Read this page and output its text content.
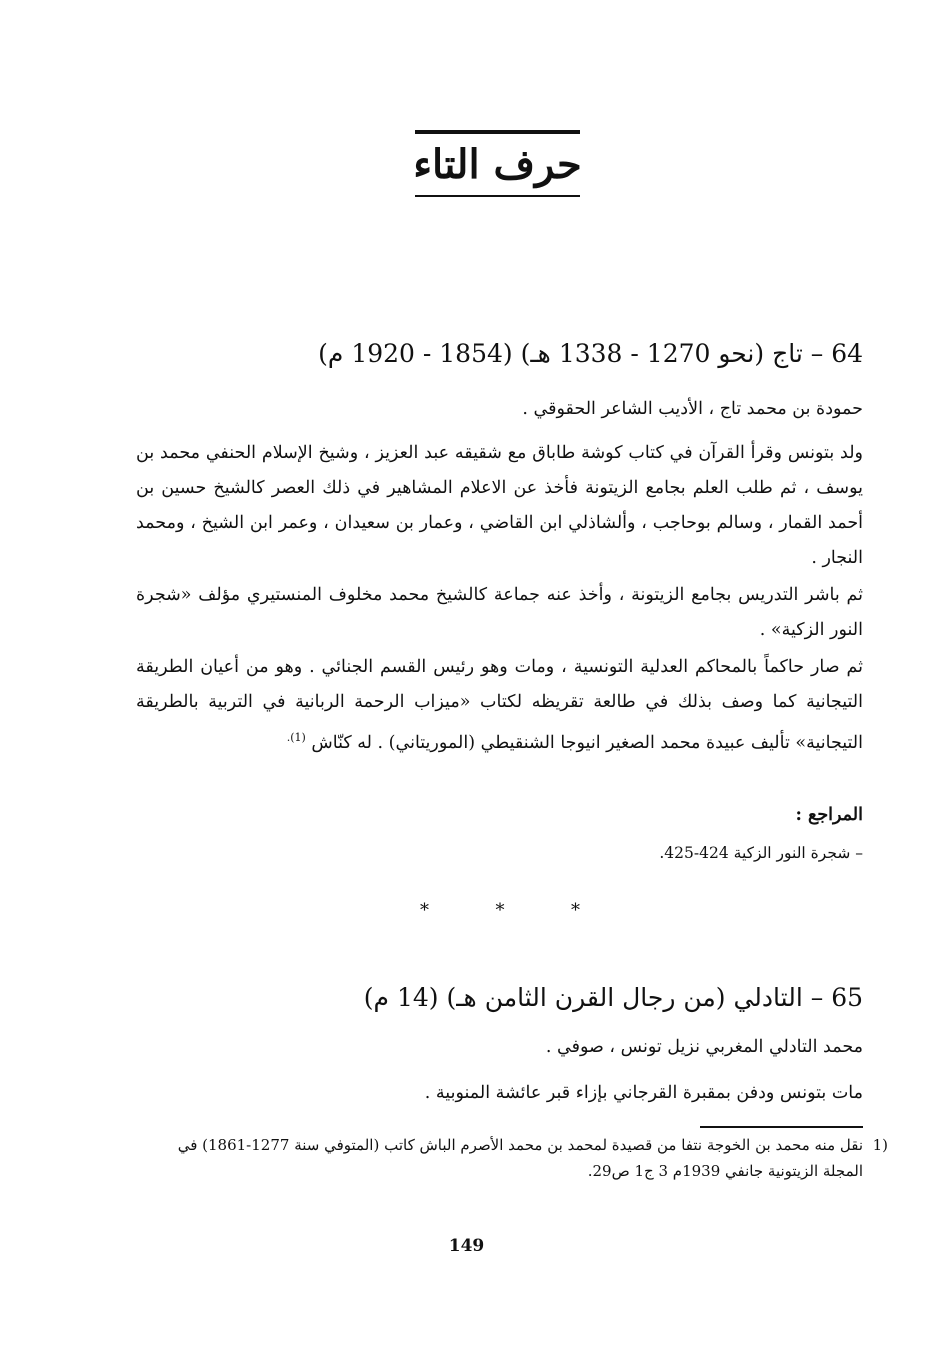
حرف التاء
64 – تاج (نحو 1270 - 1338 هـ) (1854 - 1920 م)
حمودة بن محمد تاج ، الأديب الشاعر الحقوقي .
ولد بتونس وقرأ القرآن في كتاب كوشة طاباق مع شقيقه عبد العزيز ، وشيخ الإسلام الحنفي محمد بن يوسف ، ثم طلب العلم بجامع الزيتونة فأخذ عن الاعلام المشاهير في ذلك العصر كالشيخ حسين بن أحمد القمار ، وسالم بوحاجب ، وألشاذلي ابن القاضي ، وعمار بن سعيدان ، وعمر ابن الشيخ ، ومحمد النجار .
ثم باشر التدريس بجامع الزيتونة ، وأخذ عنه جماعة كالشيخ محمد مخلوف المنستيري مؤلف «شجرة النور الزكية» .
ثم صار حاكماً بالمحاكم العدلية التونسية ، ومات وهو رئيس القسم الجنائي . وهو من أعيان الطريقة التيجانية كما وصف بذلك في طالعة تقريظه لكتاب «ميزاب الرحمة الربانية في التربية بالطريقة التيجانية» تأليف عبيدة محمد الصغير انيوجا الشنقيطي (الموريتاني) . له كنّاش $^{(1).}$
المراجع :
– شجرة النور الزكية 424-425.
*	*	*
65 – التادلي (من رجال القرن الثامن هـ) (14 م)
محمد التادلي المغربي نزيل تونس ، صوفي .
مات بتونس ودفن بمقبرة القرجاني بإزاء قبر عائشة المنوبية .
1)
نقل منه محمد بن الخوجة نتفا من قصيدة لمحمد بن محمد الأصرم الباش كاتب (المتوفي سنة 1277-1861) في المجلة الزيتونية جانفي 1939م 3 ج1 ص29.
149
